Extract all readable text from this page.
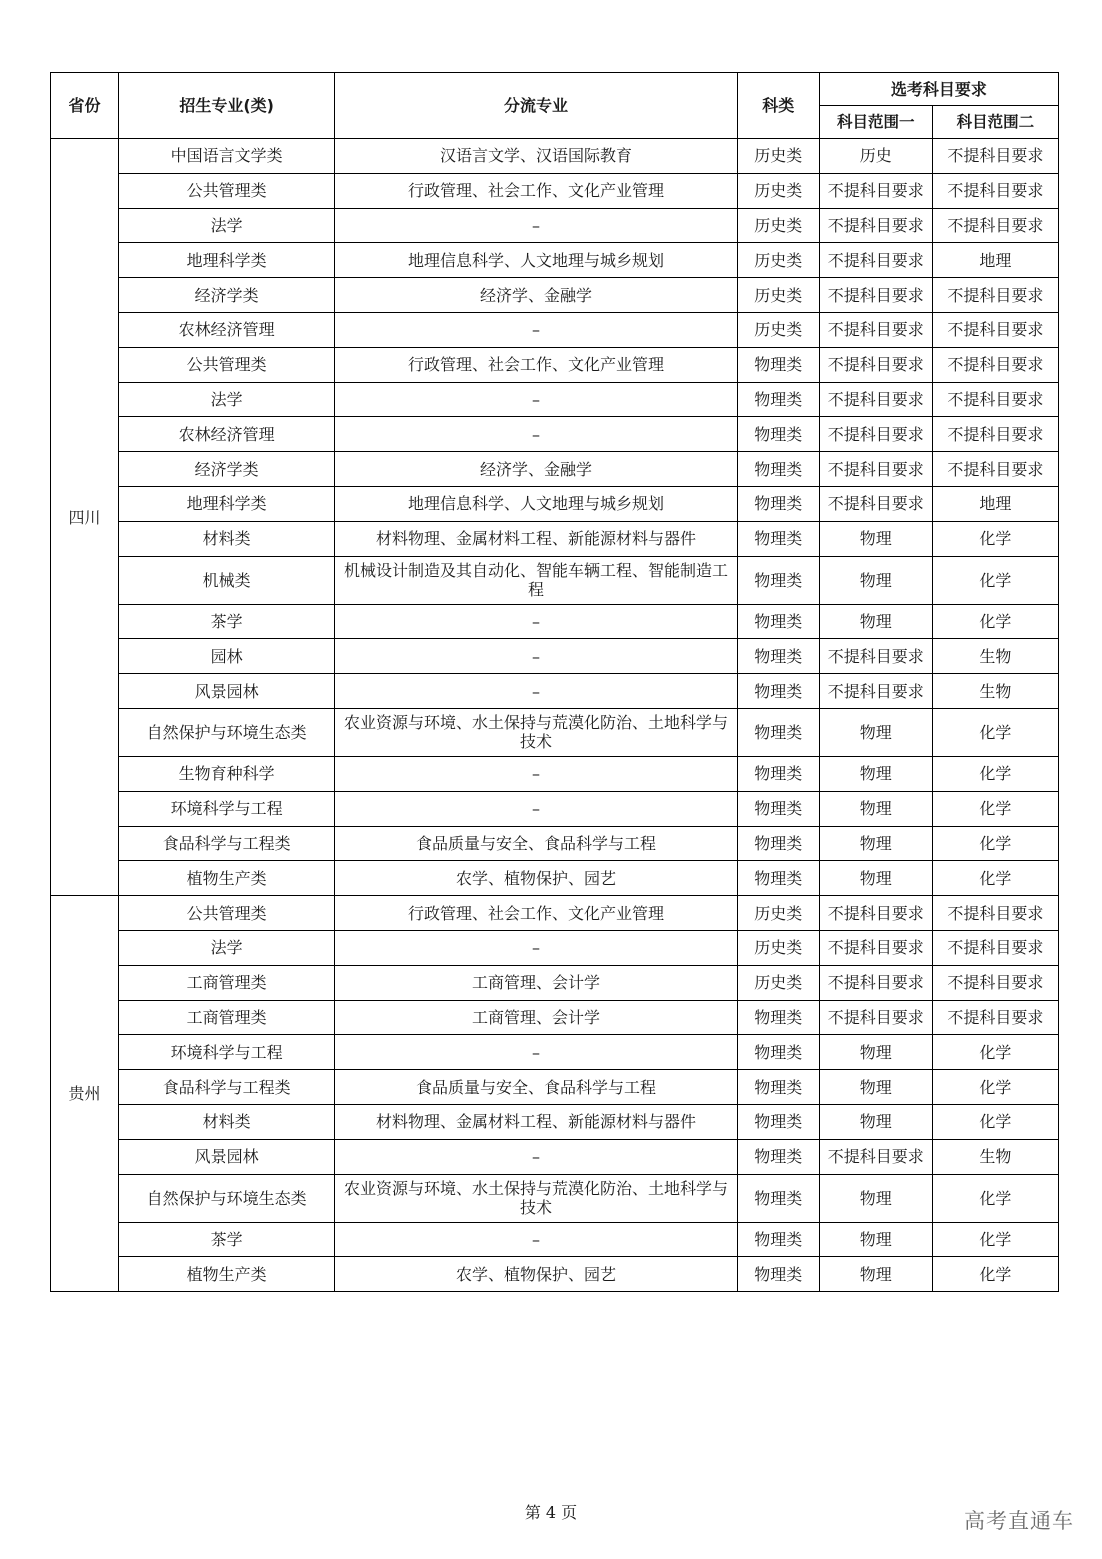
省份	招生专业(类)	分流专业	科类	选考科目要求	
				科目范围一	科目范围二
四川	中国语言文学类	汉语言文学、汉语国际教育	历史类	历史	不提科目要求
	公共管理类	行政管理、社会工作、文化产业管理	历史类	不提科目要求	不提科目要求
	法学	–	历史类	不提科目要求	不提科目要求
	地理科学类	地理信息科学、人文地理与城乡规划	历史类	不提科目要求	地理
	经济学类	经济学、金融学	历史类	不提科目要求	不提科目要求
	农林经济管理	–	历史类	不提科目要求	不提科目要求
	公共管理类	行政管理、社会工作、文化产业管理	物理类	不提科目要求	不提科目要求
	法学	–	物理类	不提科目要求	不提科目要求
	农林经济管理	–	物理类	不提科目要求	不提科目要求
	经济学类	经济学、金融学	物理类	不提科目要求	不提科目要求
	地理科学类	地理信息科学、人文地理与城乡规划	物理类	不提科目要求	地理
	材料类	材料物理、金属材料工程、新能源材料与器件	物理类	物理	化学
	机械类	机械设计制造及其自动化、智能车辆工程、智能制造工程	物理类	物理	化学
	茶学	–	物理类	物理	化学
	园林	–	物理类	不提科目要求	生物
	风景园林	–	物理类	不提科目要求	生物
	自然保护与环境生态类	农业资源与环境、水土保持与荒漠化防治、土地科学与技术	物理类	物理	化学
	生物育种科学	–	物理类	物理	化学
	环境科学与工程	–	物理类	物理	化学
	食品科学与工程类	食品质量与安全、食品科学与工程	物理类	物理	化学
	植物生产类	农学、植物保护、园艺	物理类	物理	化学
贵州	公共管理类	行政管理、社会工作、文化产业管理	历史类	不提科目要求	不提科目要求
	法学	–	历史类	不提科目要求	不提科目要求
	工商管理类	工商管理、会计学	历史类	不提科目要求	不提科目要求
	工商管理类	工商管理、会计学	物理类	不提科目要求	不提科目要求
	环境科学与工程	–	物理类	物理	化学
	食品科学与工程类	食品质量与安全、食品科学与工程	物理类	物理	化学
	材料类	材料物理、金属材料工程、新能源材料与器件	物理类	物理	化学
	风景园林	–	物理类	不提科目要求	生物
	自然保护与环境生态类	农业资源与环境、水土保持与荒漠化防治、土地科学与技术	物理类	物理	化学
	茶学	–	物理类	物理	化学
	植物生产类	农学、植物保护、园艺	物理类	物理	化学
第 4 页	高考直通车
